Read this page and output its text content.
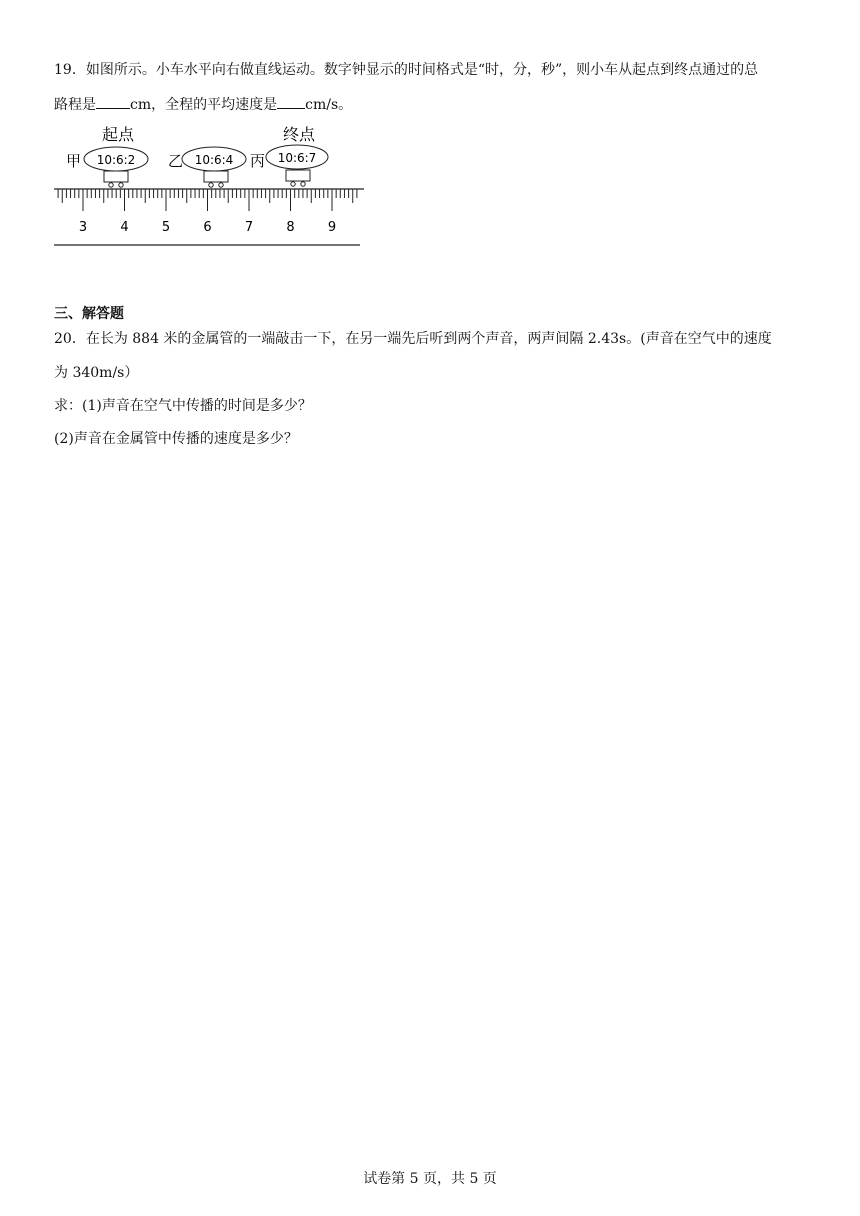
19．如图所示。小车水平向右做直线运动。数字钟显示的时间格式是“时，分，秒”，则小车从起点到终点通过的总
路程是 cm，全程的平均速度是 cm/s。
起点	终点
甲	乙	丙
10:6:2	10:6:4	10:6:7
3	4	5	6	7	8	9
三、解答题
20．在长为 884 米的金属管的一端敲击一下，在另一端先后听到两个声音，两声间隔 2.43s。(声音在空气中的速度
为 340m/s）
求：(1)声音在空气中传播的时间是多少？
(2)声音在金属管中传播的速度是多少？
试卷第 5 页，共 5 页
